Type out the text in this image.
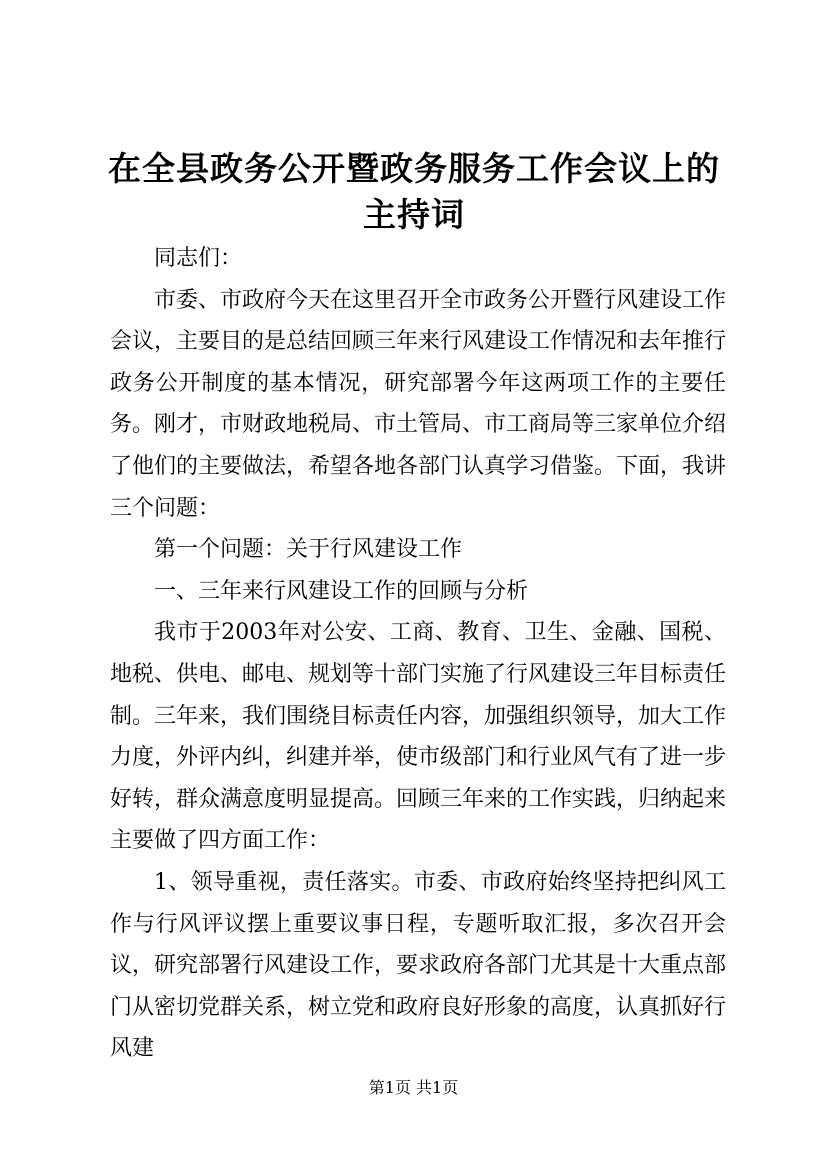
在全县政务公开暨政务服务工作会议上的主持词

同志们：

市委、市政府今天在这里召开全市政务公开暨行风建设工作会议，主要目的是总结回顾三年来行风建设工作情况和去年推行政务公开制度的基本情况，研究部署今年这两项工作的主要任务。刚才，市财政地税局、市土管局、市工商局等三家单位介绍了他们的主要做法，希望各地各部门认真学习借鉴。下面，我讲三个问题：

第一个问题：关于行风建设工作

一、三年来行风建设工作的回顾与分析

我市于2003年对公安、工商、教育、卫生、金融、国税、地税、供电、邮电、规划等十部门实施了行风建设三年目标责任制。三年来，我们围绕目标责任内容，加强组织领导，加大工作力度，外评内纠，纠建并举，使市级部门和行业风气有了进一步好转，群众满意度明显提高。回顾三年来的工作实践，归纳起来主要做了四方面工作：

1、领导重视，责任落实。市委、市政府始终坚持把纠风工作与行风评议摆上重要议事日程，专题听取汇报，多次召开会议，研究部署行风建设工作，要求政府各部门尤其是十大重点部门从密切党群关系，树立党和政府良好形象的高度，认真抓好行风建

第1页 共1页
